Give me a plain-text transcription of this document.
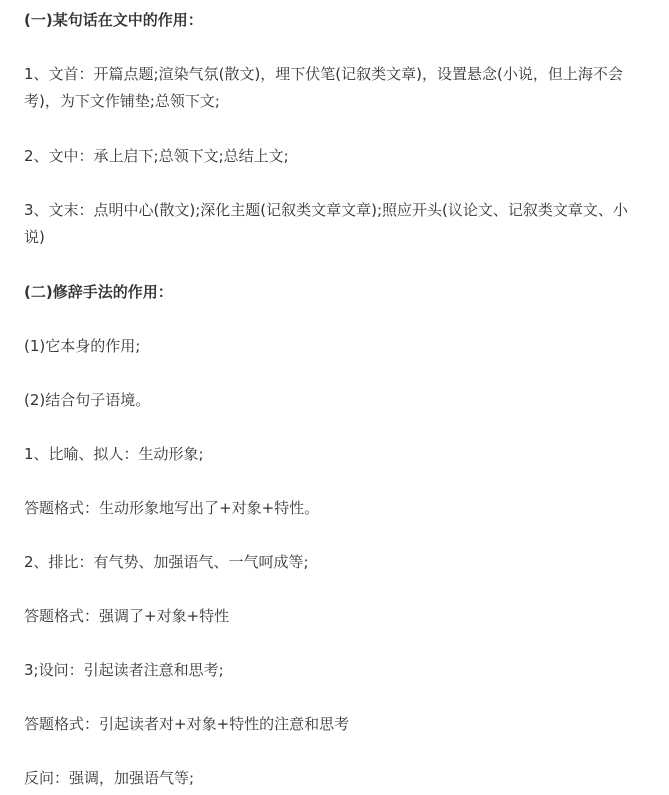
(一)某句话在文中的作用：
1、文首：开篇点题;渲染气氛(散文)，埋下伏笔(记叙类文章)，设置悬念(小说，但上海不会考)，为下文作铺垫;总领下文;
2、文中：承上启下;总领下文;总结上文;
3、文末：点明中心(散文);深化主题(记叙类文章文章);照应开头(议论文、记叙类文章文、小说)
(二)修辞手法的作用：
(1)它本身的作用;
(2)结合句子语境。
1、比喻、拟人：生动形象;
答题格式：生动形象地写出了+对象+特性。
2、排比：有气势、加强语气、一气呵成等;
答题格式：强调了+对象+特性
3;设问：引起读者注意和思考;
答题格式：引起读者对+对象+特性的注意和思考
反问：强调，加强语气等;
